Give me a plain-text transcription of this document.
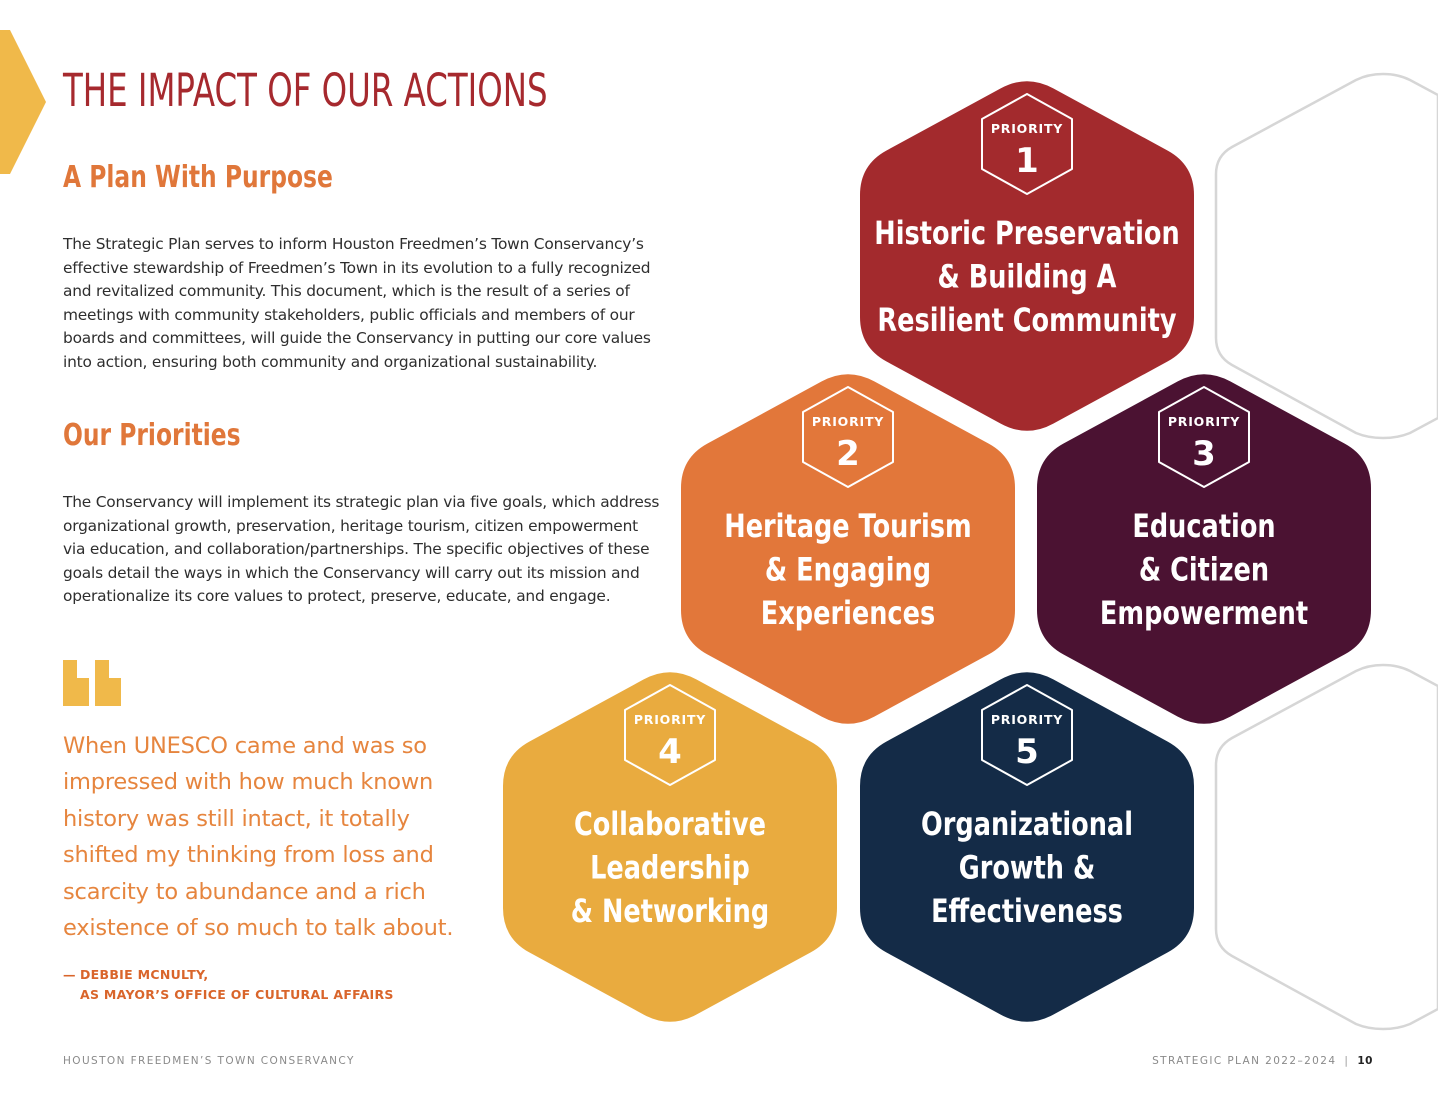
THE IMPACT OF OUR ACTIONS
A Plan With Purpose
The Strategic Plan serves to inform Houston Freedmen’s Town Conservancy’s
effective stewardship of Freedmen’s Town in its evolution to a fully recognized
and revitalized community. This document, which is the result of a series of
meetings with community stakeholders, public officials and members of our
boards and committees, will guide the Conservancy in putting our core values
into action, ensuring both community and organizational sustainability.
Our Priorities
The Conservancy will implement its strategic plan via five goals, which address
organizational growth, preservation, heritage tourism, citizen empowerment
via education, and collaboration/partnerships. The specific objectives of these
goals detail the ways in which the Conservancy will carry out its mission and
operationalize its core values to protect, preserve, educate, and engage.
When UNESCO came and was so
impressed with how much known
history was still intact, it totally
shifted my thinking from loss and
scarcity to abundance and a rich
existence of so much to talk about.
— DEBBIE MCNULTY,
AS MAYOR’S OFFICE OF CULTURAL AFFAIRS
PRIORITY
1
Historic Preservation
& Building A
Resilient Community
PRIORITY
2
Heritage Tourism
& Engaging
Experiences
PRIORITY
3
Education
& Citizen
Empowerment
PRIORITY
4
Collaborative
Leadership
& Networking
PRIORITY
5
Organizational
Growth &
Effectiveness
HOUSTON FREEDMEN’S TOWN CONSERVANCY	STRATEGIC PLAN 2022–2024 | 10
